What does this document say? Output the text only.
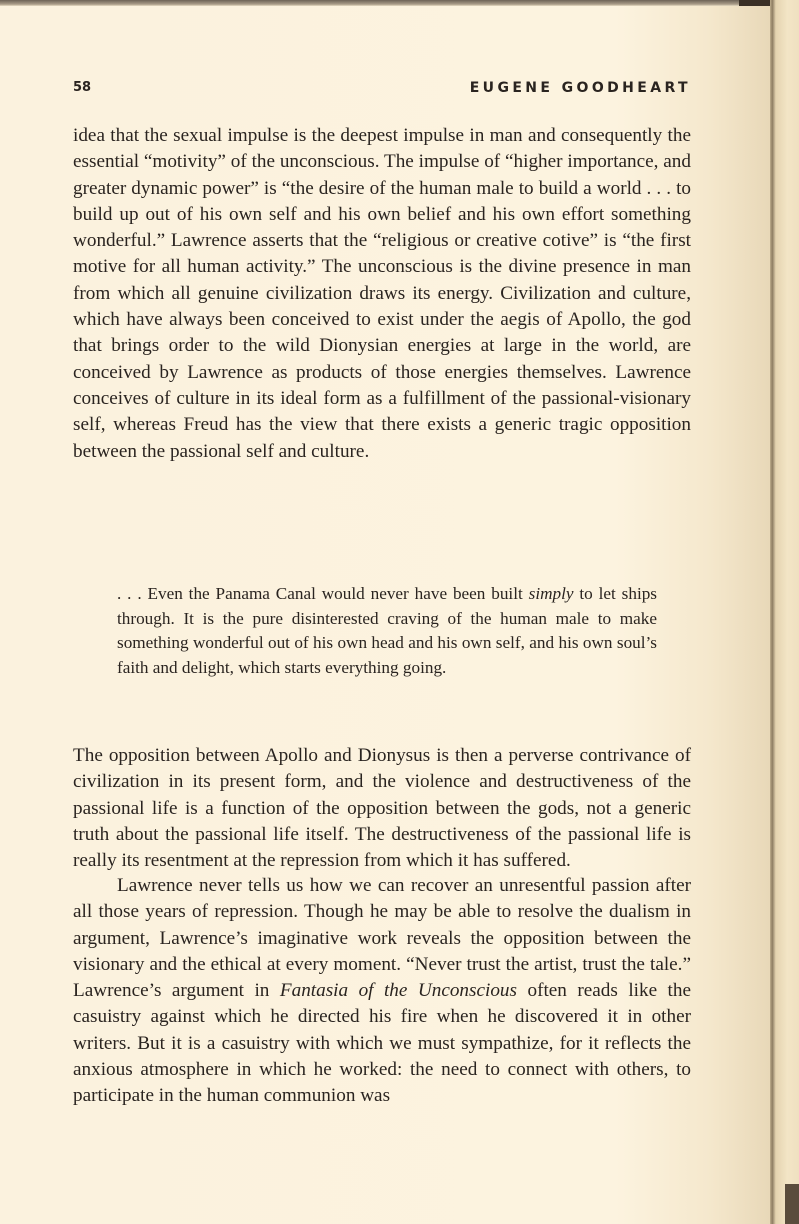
58	EUGENE GOODHEART

idea that the sexual impulse is the deepest impulse in man and consequently the essential “motivity” of the unconscious. The impulse of “higher importance, and greater dynamic power” is “the desire of the human male to build a world . . . to build up out of his own self and his own belief and his own effort something wonderful.” Lawrence asserts that the “religious or creative cotive” is “the first motive for all human activity.” The unconscious is the divine presence in man from which all genuine civilization draws its energy. Civilization and culture, which have always been conceived to exist under the aegis of Apollo, the god that brings order to the wild Dionysian energies at large in the world, are conceived by Lawrence as products of those energies themselves. Lawrence conceives of culture in its ideal form as a fulfillment of the passional-visionary self, whereas Freud has the view that there exists a generic tragic opposition between the passional self and culture.

. . . Even the Panama Canal would never have been built simply to let ships through. It is the pure disinterested craving of the human male to make something wonderful out of his own head and his own self, and his own soul’s faith and delight, which starts everything going.

The opposition between Apollo and Dionysus is then a perverse contrivance of civilization in its present form, and the violence and destructiveness of the passional life is a function of the opposition between the gods, not a generic truth about the passional life itself. The destructiveness of the passional life is really its resentment at the repression from which it has suffered.

Lawrence never tells us how we can recover an unresentful passion after all those years of repression. Though he may be able to resolve the dualism in argument, Lawrence’s imaginative work reveals the opposition between the visionary and the ethical at every moment. “Never trust the artist, trust the tale.” Lawrence’s argument in Fantasia of the Unconscious often reads like the casuistry against which he directed his fire when he discovered it in other writers. But it is a casuistry with which we must sympathize, for it reflects the anxious atmosphere in which he worked: the need to connect with others, to participate in the human communion was
